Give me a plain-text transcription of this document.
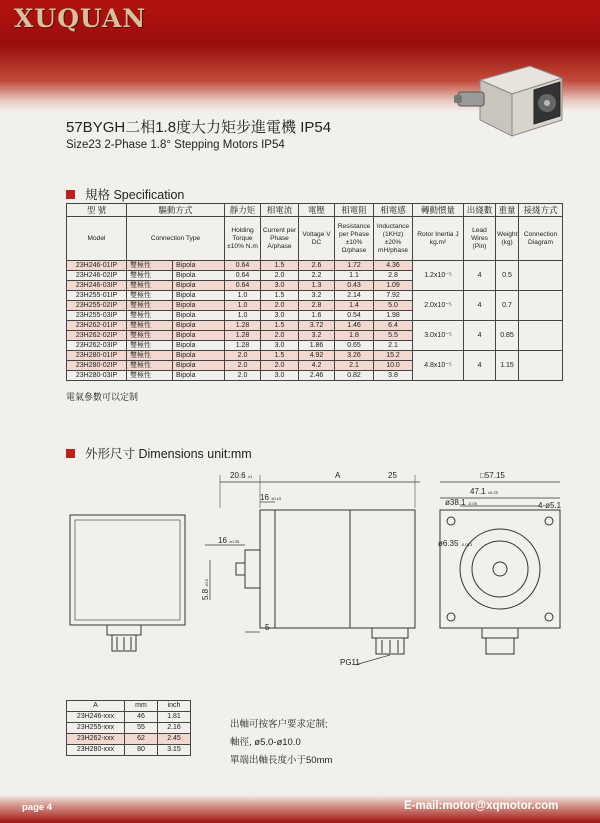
XUQUAN
57BYGH二相1.8度大力矩步進電機 IP54
Size23 2-Phase 1.8° Stepping Motors IP54
規格 Specification
型 號	驅動方式		靜力矩	相電流	電壓	相電阻	相電感	轉動慣量	出綫數	重量	接綫方式
Model	Connection Type		Holding Torque ±10% N.m	Current per Phase A/phase	Voltage V DC	Resistance per Phase ±10% Ω/phase	Inductance (1KHz) ±20% mH/phase	Rotor Inertia J kg.m²	Lead Wires (Pin)	Weight (kg)	Connection Diagram
23H246-01IP	雙極性	Bipola	0.64	1.5	2.6	1.72	4.36	1.2x10⁻⁵	4	0.5	
23H246-02IP	雙極性	Bipola	0.64	2.0	2.2	1.1	2.8				
23H246-03IP	雙極性	Bipola	0.64	3.0	1.3	0.43	1.09				
23H255-01IP	雙極性	Bipola	1.0	1.5	3.2	2.14	7.92	2.0x10⁻⁵	4	0.7	
23H255-02IP	雙極性	Bipola	1.0	2.0	2.8	1.4	5.0				
23H255-03IP	雙極性	Bipola	1.0	3.0	1.6	0.54	1.98				
23H262-01IP	雙極性	Bipola	1.28	1.5	3.72	1.46	6.4	3.0x10⁻⁵	4	0.85	
23H262-02IP	雙極性	Bipola	1.28	2.0	3.2	1.8	5.5				
23H262-03IP	雙極性	Bipola	1.28	3.0	1.86	0.65	2.1				
23H280-01IP	雙極性	Bipola	2.0	1.5	4.92	3.26	15.2	4.8x10⁻⁵	4	1.15	
23H280-02IP	雙極性	Bipola	2.0	2.0	4.2	2.1	10.0				
23H280-03IP	雙極性	Bipola	2.0	3.0	2.46	0.82	3.8				
電氣參數可以定制
外形尺寸 Dimensions unit:mm
20.6 ±1	A	25
16 ±0.15
16 ±0.35
5.8 ±0.5
5
PG11
□57.15
47.1 ±0.25
ø38.1 -0.05
ø6.35 -0.013
4-ø5.1
A	mm	inch
23H246-xxx	46	1.81
23H255-xxx	55	2.16
23H262-xxx	62	2.45
23H280-xxx	80	3.15
出軸可按客户要求定制;
軸徑, ø5.0-ø10.0
單端出軸長度小于50mm
page 4	E-mail:motor@xqmotor.com
